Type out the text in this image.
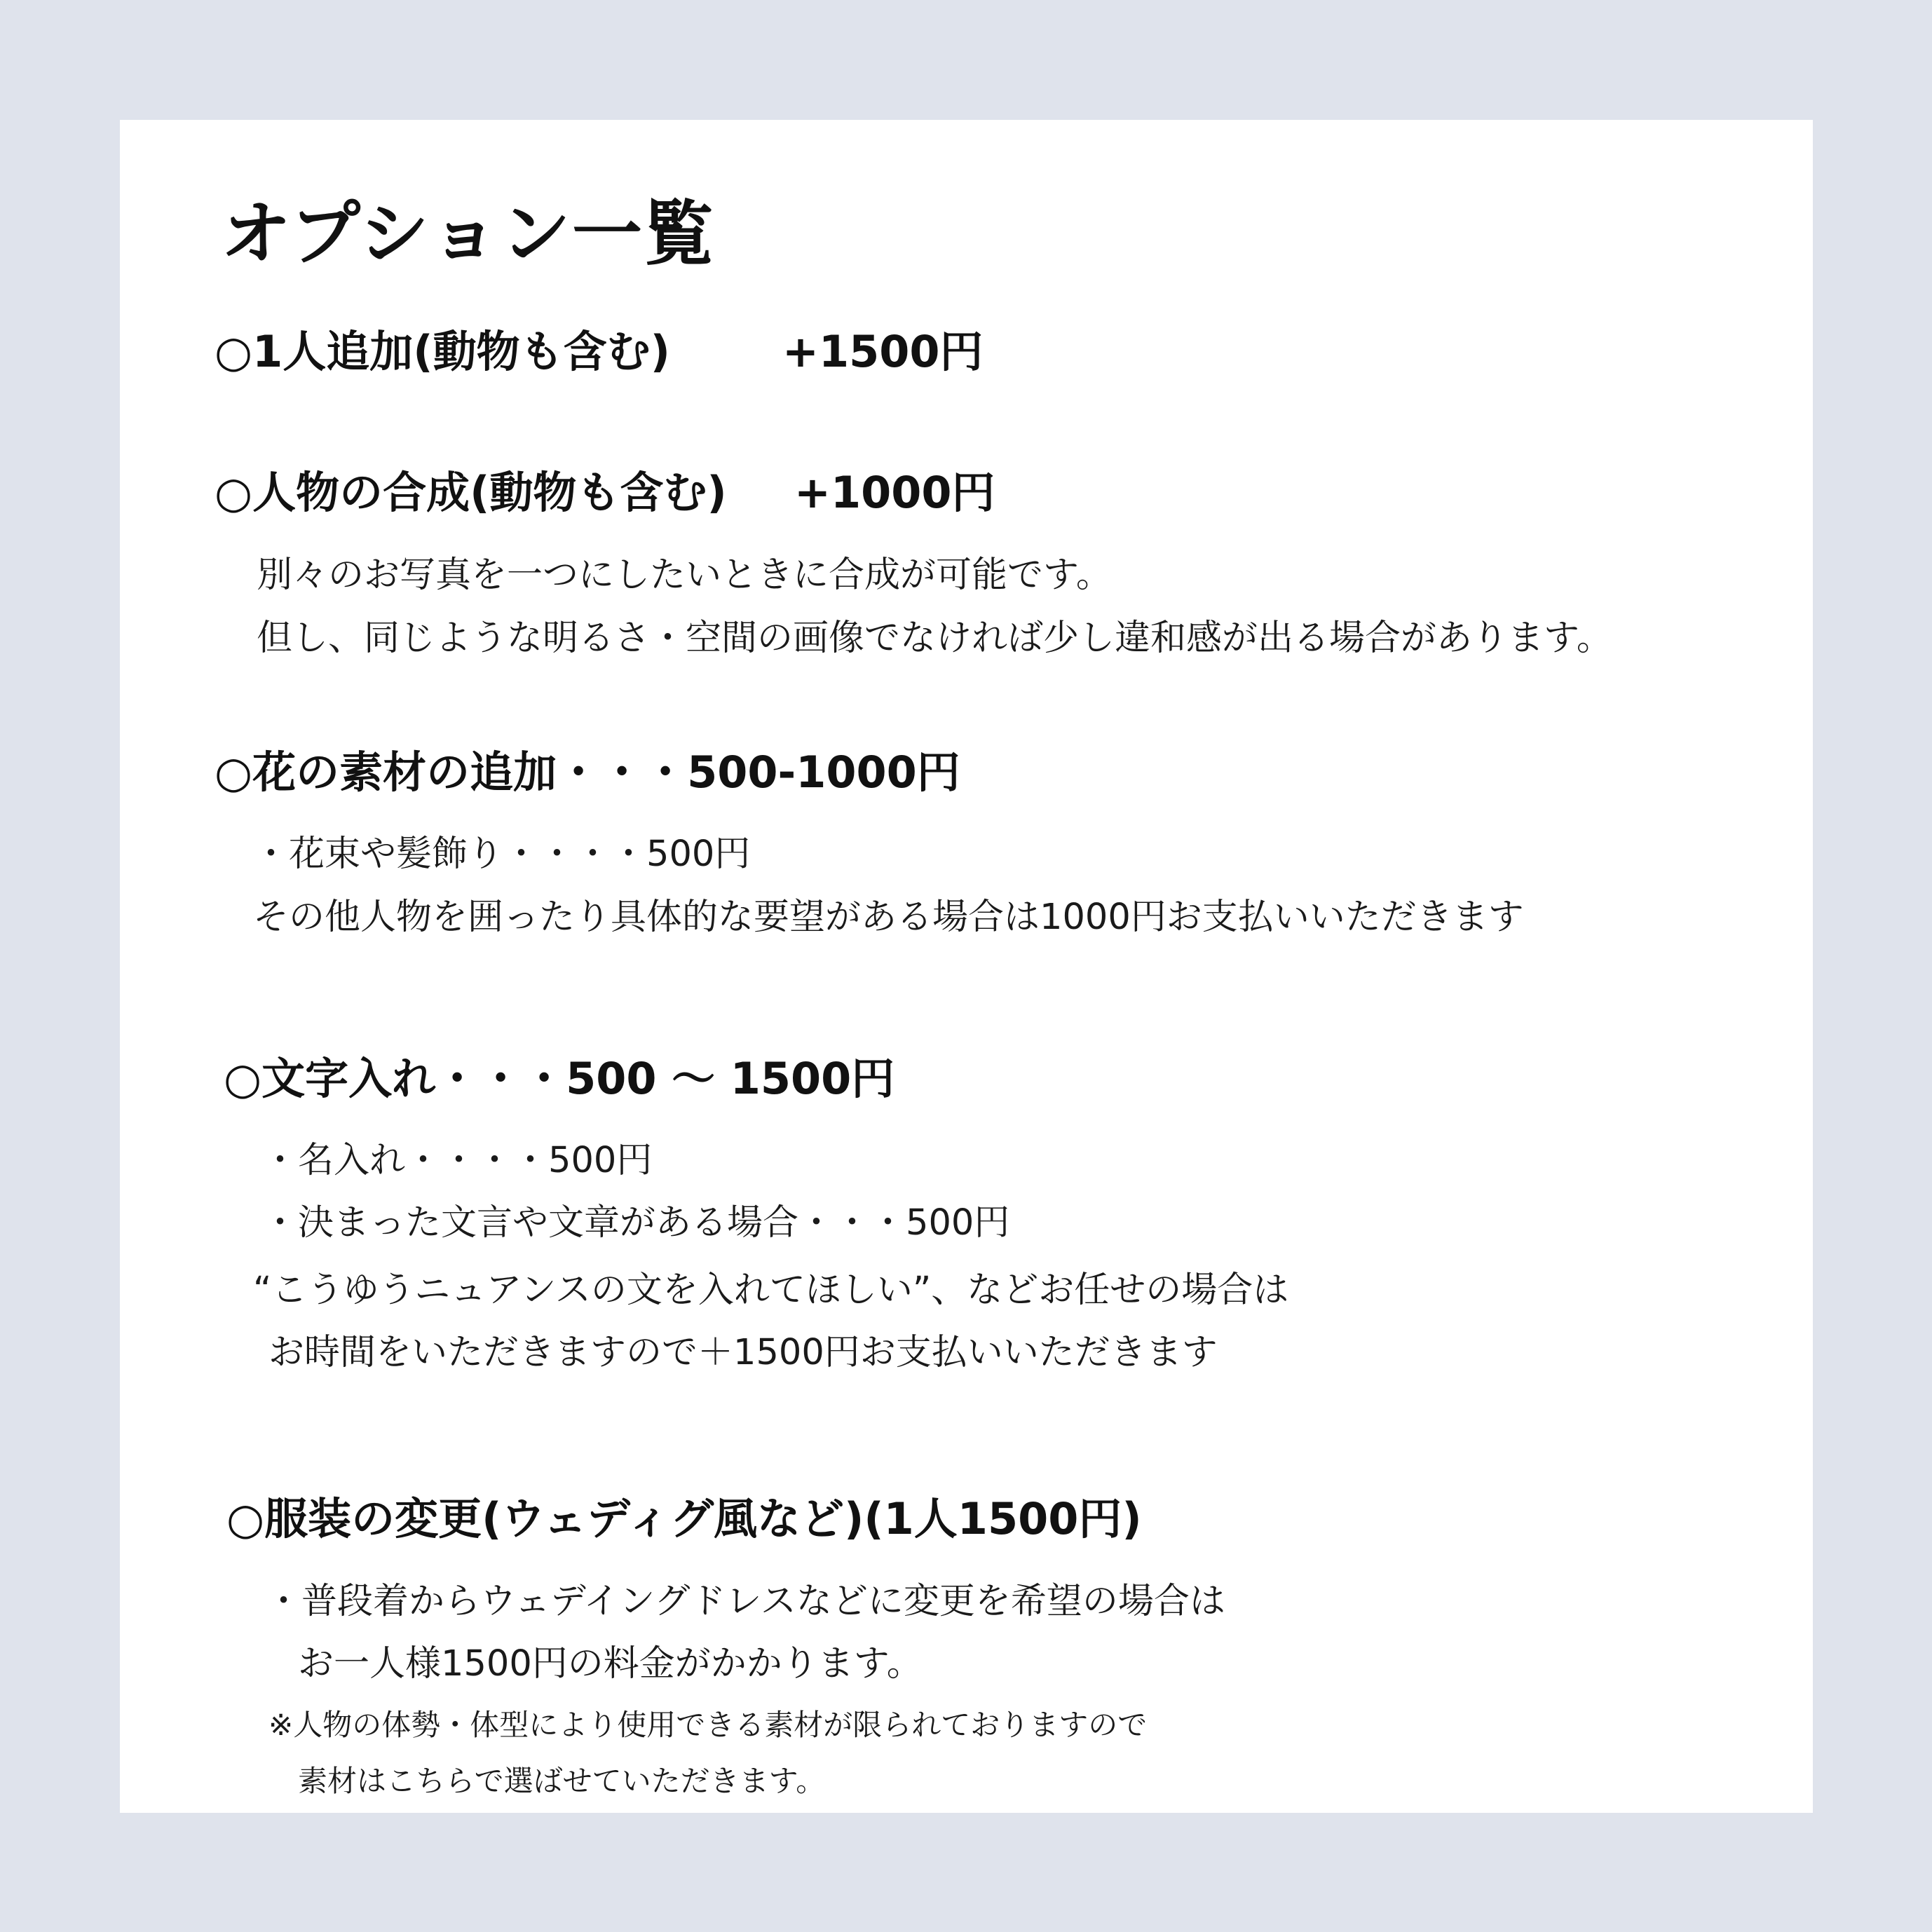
オプション一覧
○1人追加(動物も含む)	+1500円
○人物の合成(動物も含む) +1000円
別々のお写真を一つにしたいときに合成が可能です。
但し、同じような明るさ・空間の画像でなければ少し違和感が出る場合があります。
○花の素材の追加・・・500-1000円
・花束や髪飾り・・・・500円
その他人物を囲ったり具体的な要望がある場合は1000円お支払いいただきます
○文字入れ・・・500 〜 1500円
・名入れ・・・・500円
・決まった文言や文章がある場合・・・500円
“こうゆうニュアンスの文を入れてほしい”、などお任せの場合は
お時間をいただきますので＋1500円お支払いいただきます
○服装の変更(ウェディグ風など)(1人1500円)
・普段着からウェデイングドレスなどに変更を希望の場合は
お一人様1500円の料金がかかります。
※人物の体勢・体型により使用できる素材が限られておりますので
素材はこちらで選ばせていただきます。
